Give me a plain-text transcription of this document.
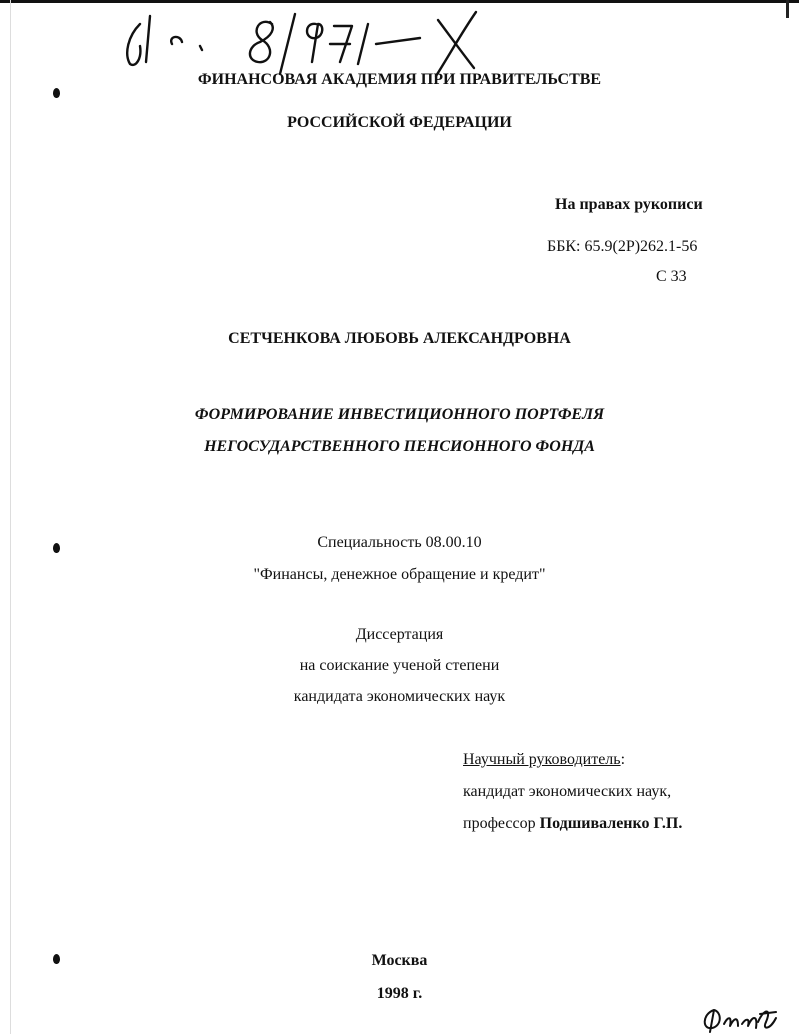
ФИНАНСОВАЯ АКАДЕМИЯ ПРИ ПРАВИТЕЛЬСТВЕ
РОССИЙСКОЙ ФЕДЕРАЦИИ
На правах рукописи
ББК: 65.9(2Р)262.1-56
С 33
СЕТЧЕНКОВА ЛЮБОВЬ АЛЕКСАНДРОВНА
ФОРМИРОВАНИЕ ИНВЕСТИЦИОННОГО ПОРТФЕЛЯ
НЕГОСУДАРСТВЕННОГО ПЕНСИОННОГО ФОНДА
Специальность 08.00.10
"Финансы, денежное обращение и кредит"
Диссертация
на соискание ученой степени
кандидата экономических наук
Научный руководитель:
кандидат экономических наук,
профессор Подшиваленко Г.П.
Москва
1998 г.
